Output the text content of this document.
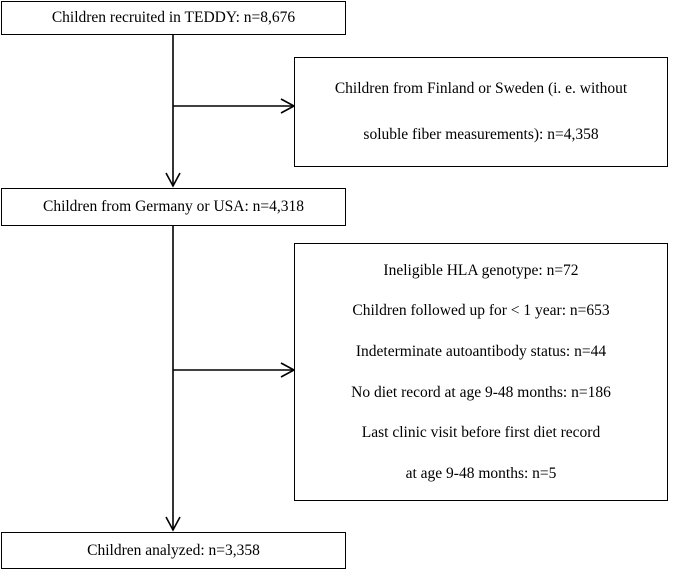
Children recruited in TEDDY: n=8,676
Children from Finland or Sweden (i. e. without
soluble fiber measurements): n=4,358
Children from Germany or USA: n=4,318
Ineligible HLA genotype: n=72
Children followed up for < 1 year: n=653
Indeterminate autoantibody status: n=44
No diet record at age 9-48 months: n=186
Last clinic visit before first diet record
at age 9-48 months: n=5
Children analyzed: n=3,358
